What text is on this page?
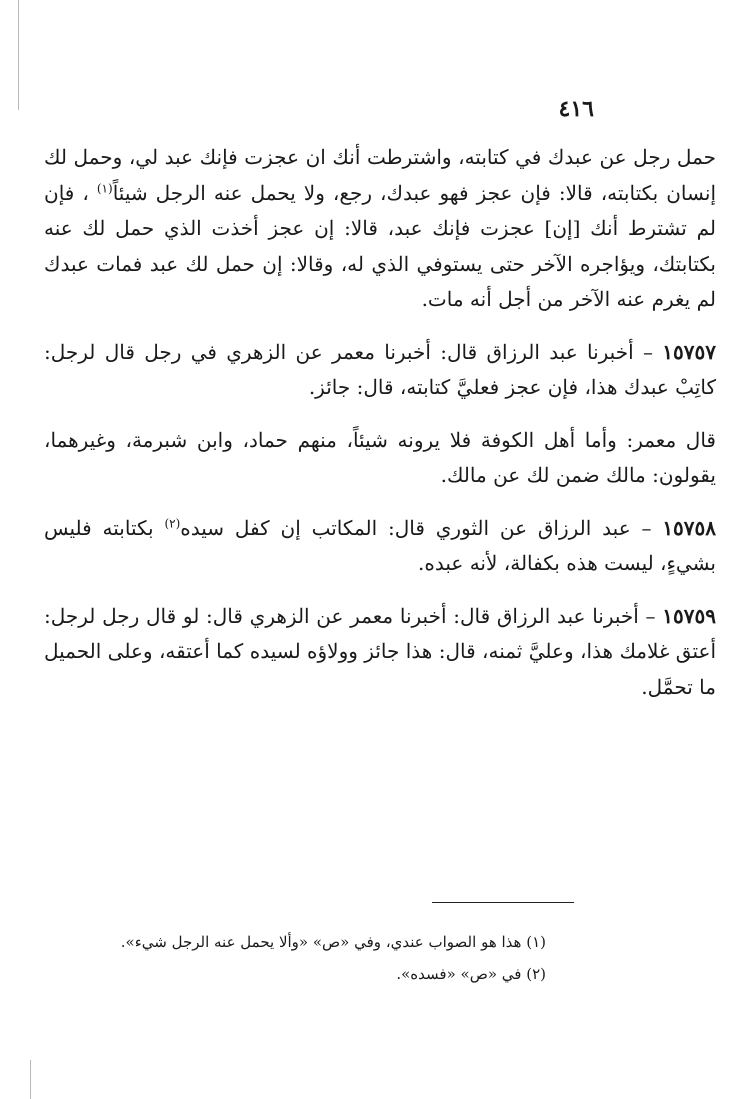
٤١٦

حمل رجل عن عبدك في كتابته، واشترطت أنك ان عجزت فإنك عبد لي، وحمل لك إنسان بكتابته، قالا: فإن عجز فهو عبدك، رجع، ولا يحمل عنه الرجل شيئاً$^{(١)}$ ، فإن لم تشترط أنك [إن] عجزت فإنك عبد، قالا: إن عجز أخذت الذي حمل لك عنه بكتابتك، ويؤاجره الآخر حتى يستوفي الذي له، وقالا: إن حمل لك عبد فمات عبدك لم يغرم عنه الآخر من أجل أنه مات.

١٥٧٥٧ – أخبرنا عبد الرزاق قال: أخبرنا معمر عن الزهري في رجل قال لرجل: كاتِبْ عبدك هذا، فإن عجز فعليَّ كتابته، قال: جائز.

قال معمر: وأما أهل الكوفة فلا يرونه شيئاً، منهم حماد، وابن شبرمة، وغيرهما، يقولون: مالك ضمن لك عن مالك.

١٥٧٥٨ – عبد الرزاق عن الثوري قال: المكاتب إن كفل سيده$^{(٢)}$ بكتابته فليس بشيءٍ، ليست هذه بكفالة، لأنه عبده.

١٥٧٥٩ – أخبرنا عبد الرزاق قال: أخبرنا معمر عن الزهري قال: لو قال رجل لرجل: أعتق غلامك هذا، وعليَّ ثمنه، قال: هذا جائز وولاؤه لسيده كما أعتقه، وعلى الحميل ما تحمَّل.

(١) هذا هو الصواب عندي، وفي «ص» «وألا يحمل عنه الرجل شيء».

(٢) في «ص» «فسده».
